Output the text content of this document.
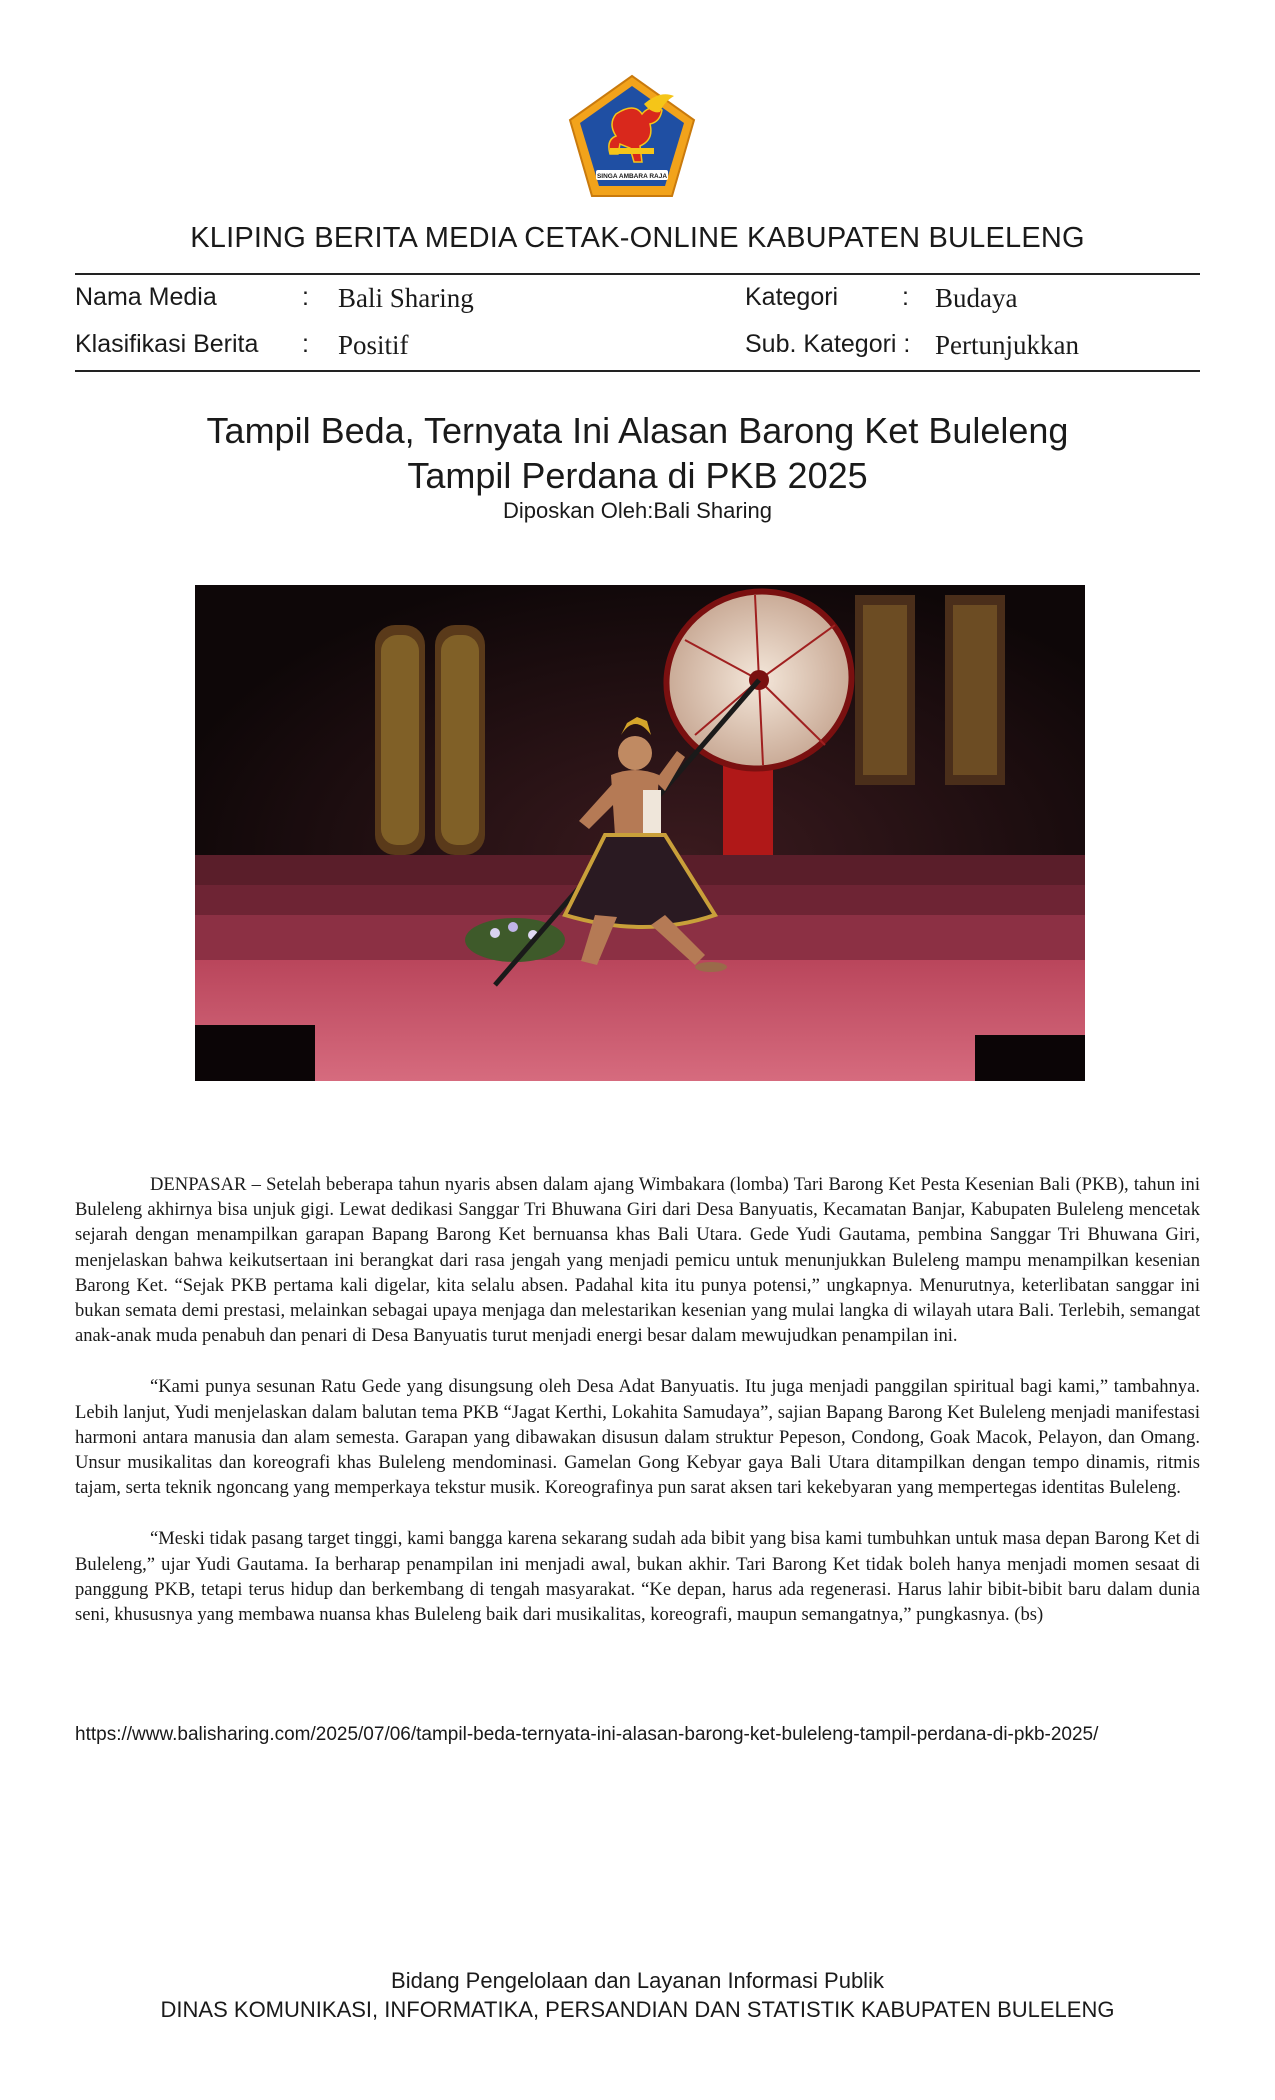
SINGA AMBARA RAJA
KLIPING BERITA MEDIA CETAK-ONLINE KABUPATEN BULELENG
Nama Media	: Bali Sharing	Kategori	: Budaya
Klasifikasi Berita : Positif	Sub. Kategori : Pertunjukkan
Tampil Beda, Ternyata Ini Alasan Barong Ket Buleleng
Tampil Perdana di PKB 2025
Diposkan Oleh:Bali Sharing

DENPASAR – Setelah beberapa tahun nyaris absen dalam ajang Wimbakara (lomba) Tari Barong Ket Pesta Kesenian Bali (PKB), tahun ini Buleleng akhirnya bisa unjuk gigi. Lewat dedikasi Sanggar Tri Bhuwana Giri dari Desa Banyuatis, Kecamatan Banjar, Kabupaten Buleleng mencetak sejarah dengan menampilkan garapan Bapang Barong Ket bernuansa khas Bali Utara. Gede Yudi Gautama, pembina Sanggar Tri Bhuwana Giri, menjelaskan bahwa keikutsertaan ini berangkat dari rasa jengah yang menjadi pemicu untuk menunjukkan Buleleng mampu menampilkan kesenian Barong Ket. “Sejak PKB pertama kali digelar, kita selalu absen. Padahal kita itu punya potensi,” ungkapnya. Menurutnya, keterlibatan sanggar ini bukan semata demi prestasi, melainkan sebagai upaya menjaga dan melestarikan kesenian yang mulai langka di wilayah utara Bali. Terlebih, semangat anak-anak muda penabuh dan penari di Desa Banyuatis turut menjadi energi besar dalam mewujudkan penampilan ini.

“Kami punya sesunan Ratu Gede yang disungsung oleh Desa Adat Banyuatis. Itu juga menjadi panggilan spiritual bagi kami,” tambahnya. Lebih lanjut, Yudi menjelaskan dalam balutan tema PKB “Jagat Kerthi, Lokahita Samudaya”, sajian Bapang Barong Ket Buleleng menjadi manifestasi harmoni antara manusia dan alam semesta. Garapan yang dibawakan disusun dalam struktur Pepeson, Condong, Goak Macok, Pelayon, dan Omang. Unsur musikalitas dan koreografi khas Buleleng mendominasi. Gamelan Gong Kebyar gaya Bali Utara ditampilkan dengan tempo dinamis, ritmis tajam, serta teknik ngoncang yang memperkaya tekstur musik. Koreografinya pun sarat aksen tari kekebyaran yang mempertegas identitas Buleleng.

“Meski tidak pasang target tinggi, kami bangga karena sekarang sudah ada bibit yang bisa kami tumbuhkan untuk masa depan Barong Ket di Buleleng,” ujar Yudi Gautama. Ia berharap penampilan ini menjadi awal, bukan akhir. Tari Barong Ket tidak boleh hanya menjadi momen sesaat di panggung PKB, tetapi terus hidup dan berkembang di tengah masyarakat. “Ke depan, harus ada regenerasi. Harus lahir bibit-bibit baru dalam dunia seni, khususnya yang membawa nuansa khas Buleleng baik dari musikalitas, koreografi, maupun semangatnya,” pungkasnya. (bs)

https://www.balisharing.com/2025/07/06/tampil-beda-ternyata-ini-alasan-barong-ket-buleleng-tampil-perdana-di-pkb-2025/
Bidang Pengelolaan dan Layanan Informasi Publik
DINAS KOMUNIKASI, INFORMATIKA, PERSANDIAN DAN STATISTIK KABUPATEN BULELENG
